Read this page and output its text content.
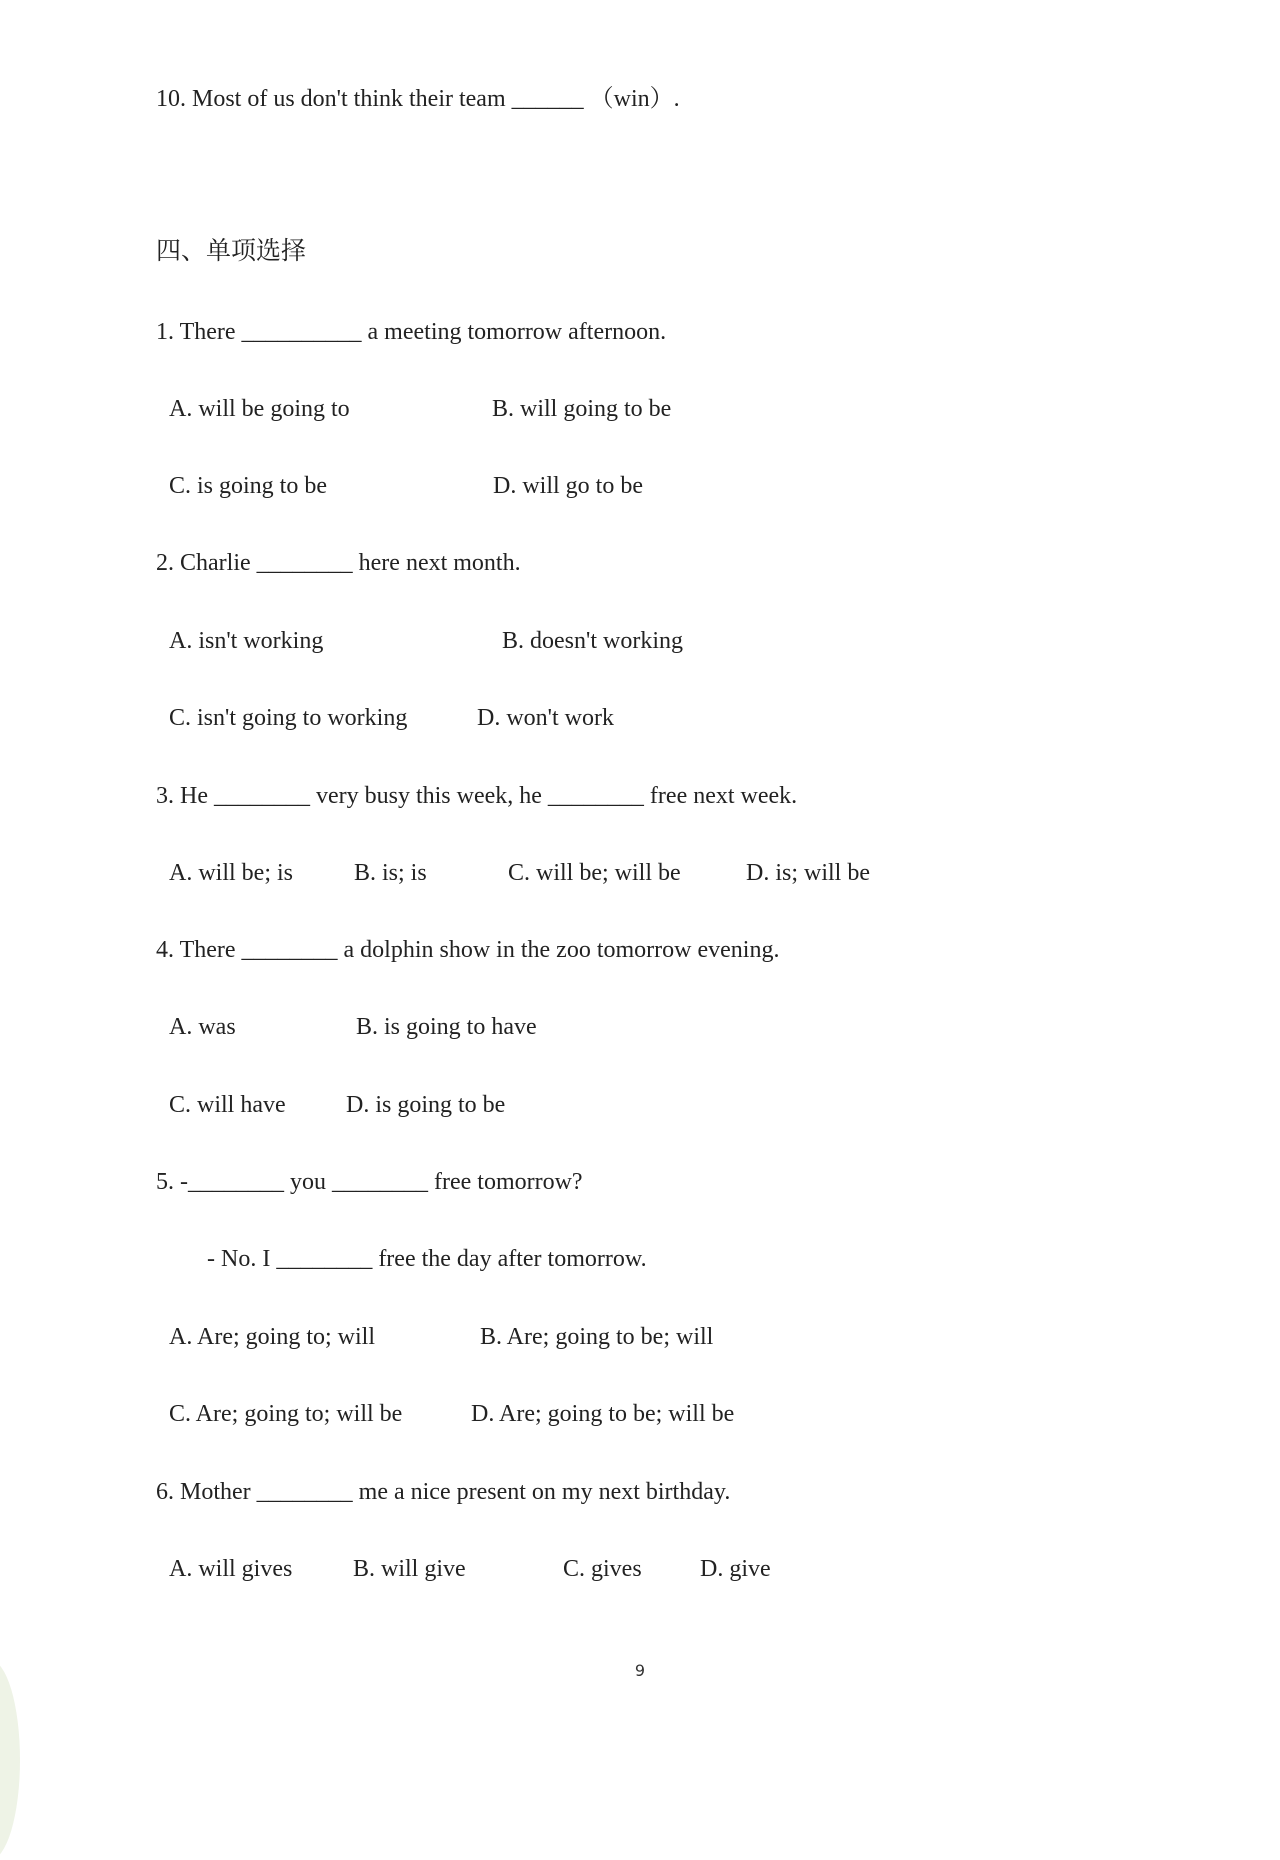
10. Most of us don't think their team ______ （win）.
四、单项选择
1. There __________ a meeting tomorrow afternoon.
A. will be going to	B. will going to be
C. is going to be	D. will go to be
2. Charlie ________ here next month.
A. isn't working	B. doesn't working
C. isn't going to working	D. won't work
3. He ________ very busy this week, he ________ free next week.
A. will be; is	B. is; is	C. will be; will be	D. is; will be
4. There ________ a dolphin show in the zoo tomorrow evening.
A. was	B. is going to have
C. will have	D. is going to be
5. -________ you ________ free tomorrow?
- No. I ________ free the day after tomorrow.
A. Are; going to; will	B. Are; going to be; will
C. Are; going to; will be	D. Are; going to be; will be
6. Mother ________ me a nice present on my next birthday.
A. will gives	B. will give	C. gives D. give
9
